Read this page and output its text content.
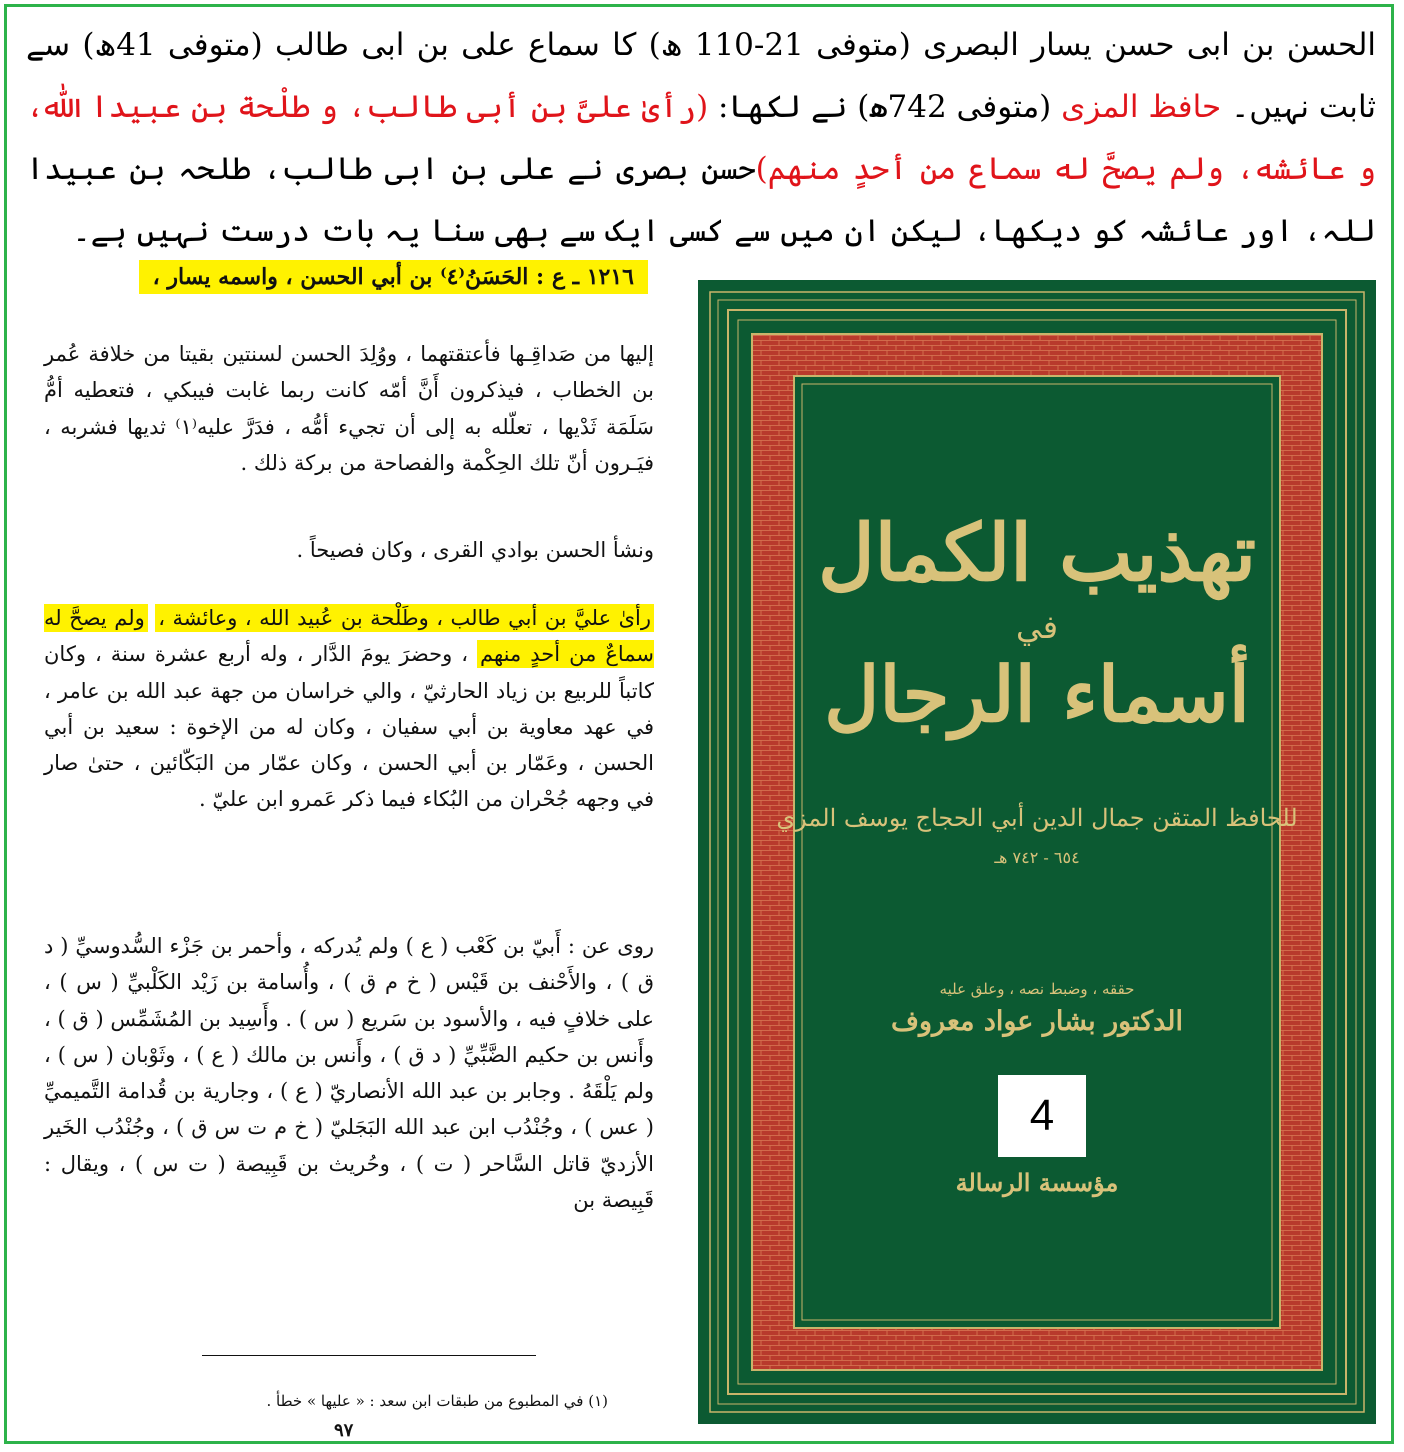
الحسن بن ابی حسن یسار البصری (متوفی 21-110 ھ) کا سماع علی بن ابی طالب (متوفی 41ھ) سے ثابت نہیں۔ حافظ المزی (متوفی 742ھ) نے لکھا: (رأیٰ علیَّ بن أبی طالب، و طلْحة بن عبیدا اللّٰه، و عائشه، ولم یصحَّ له سماع من أحدٍ منهم)حسن بصری نے علی بن ابی طالب، طلحہ بن عبیدا للہ، اور عائشہ کو دیکھا، لیکن ان میں سے کسی ایک سے بھی سنا یہ بات درست نہیں ہے۔
١٢١٦ ـ ع : الحَسَنُ⁽٤⁾ بن أبي الحسن ، واسمه يسار ،
إليها من صَداقِـها فأعتقتهما ، ووُلِدَ الحسن لسنتين بقيتا من خلافة عُمر بن الخطاب ، فيذكرون أَنَّ أمّه كانت ربما غابت فيبكي ، فتعطيه أمُّ سَلَمَة ثَدْيها ، تعلّله به إلى أن تجيء أمُّه ، فدَرَّ عليه⁽١⁾ ثديها فشربه ، فيَـرون أنّ تلك الحِكْمة والفصاحة من بركة ذلك .
ونشأ الحسن بوادي القرى ، وكان فصيحاً .
رأىٰ عليَّ بن أبي طالب ، وطَلْحة بن عُبيد الله ، وعائشة ، ولم يصحَّ له سماعٌ من أحدٍ منهم ، وحضرَ يومَ الدَّار ، وله أربع عشرة سنة ، وكان كاتباً للربيع بن زياد الحارثيّ ، والي خراسان من جهة عبد الله بن عامر ، في عهد معاوية بن أبي سفيان ، وكان له من الإخوة : سعيد بن أبي الحسن ، وعَمّار بن أبي الحسن ، وكان عمّار من البَكّائين ، حتىٰ صار في وجهه جُحْران من البُكاء فيما ذكر عَمرو ابن عليّ .
روى عن : أَبيّ بن كَعْب ( ع ) ولم يُدركه ، وأحمر بن جَزْء السُّدوسيِّ ( د ق ) ، والأَحْنف بن قَيْس ( خ م ق ) ، وأُسامة بن زَيْد الكَلْبيِّ ( س ) ، على خلافٍ فيه ، والأسود بن سَريع ( س ) . وأَسِيد بن المُشَمِّس ( ق ) ، وأَنس بن حكيم الضَّبِّيِّ ( د ق ) ، وأَنس بن مالك ( ع ) ، وثَوْبان ( س ) ، ولم يَلْقَهُ . وجابر بن عبد الله الأنصاريّ ( ع ) ، وجارية بن قُدامة التَّميميِّ ( عس ) ، وجُنْدُب ابن عبد الله البَجَليّ ( خ م ت س ق ) ، وجُنْدُب الخَير الأزديّ قاتل السَّاحر ( ت ) ، وحُريث بن قَبِيصة ( ت س ) ، ويقال : قَبِيصة بن
(١) في المطبوع من طبقات ابن سعد : « عليها » خطأ .
٩٧
تهذيب الكمال
في
أسماء الرجال
للحافظ المتقن جمال الدين أبي الحجاج يوسف المزي
٦٥٤ - ٧٤٢ هـ
حققه ، وضبط نصه ، وعلق عليه
الدكتور بشار عواد معروف
مؤسسة الرسالة
4
